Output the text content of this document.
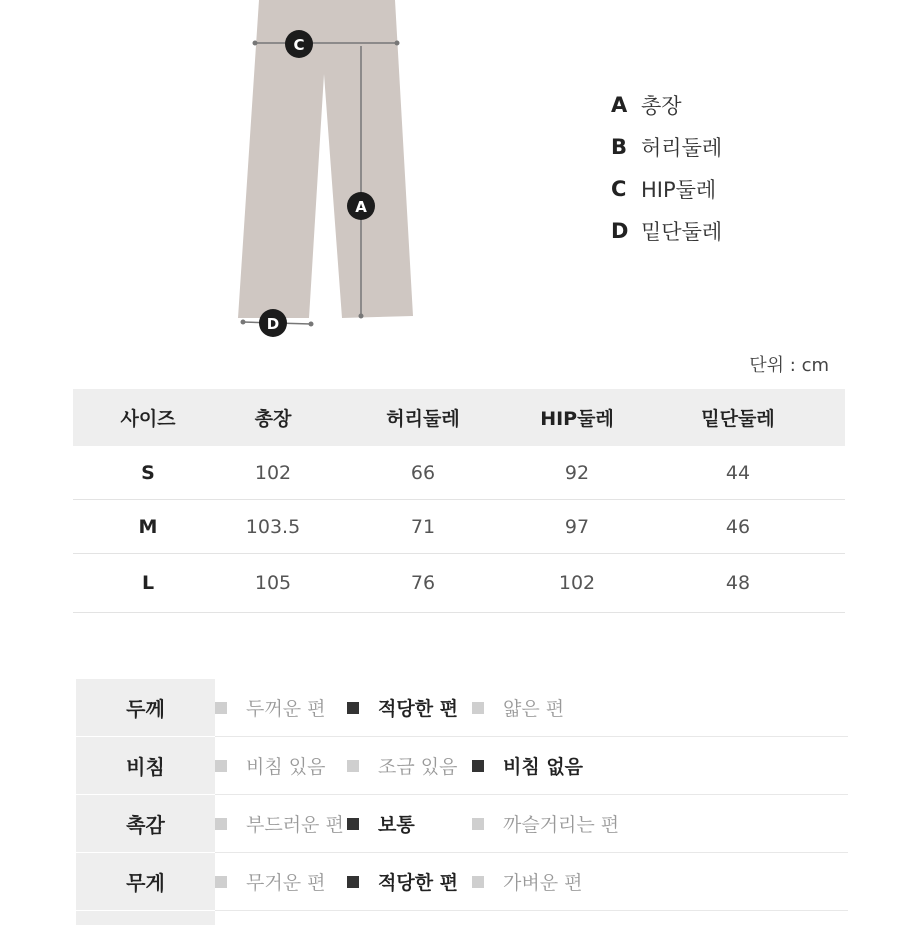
C
A
D
A 총장
B 허리둘레
C HIP둘레
D 밑단둘레
단위 : cm
사이즈	총장	허리둘레	HIP둘레	밑단둘레
S	102	66	92	44
M	103.5	71	97	46
L	105	76	102	48
두께	두꺼운 편	적당한 편	얇은 편

비침	비침 있음	조금 있음	비침 없음

촉감	부드러운 편	보통	까슬거리는 편

무게	무거운 편	적당한 편	가벼운 편
